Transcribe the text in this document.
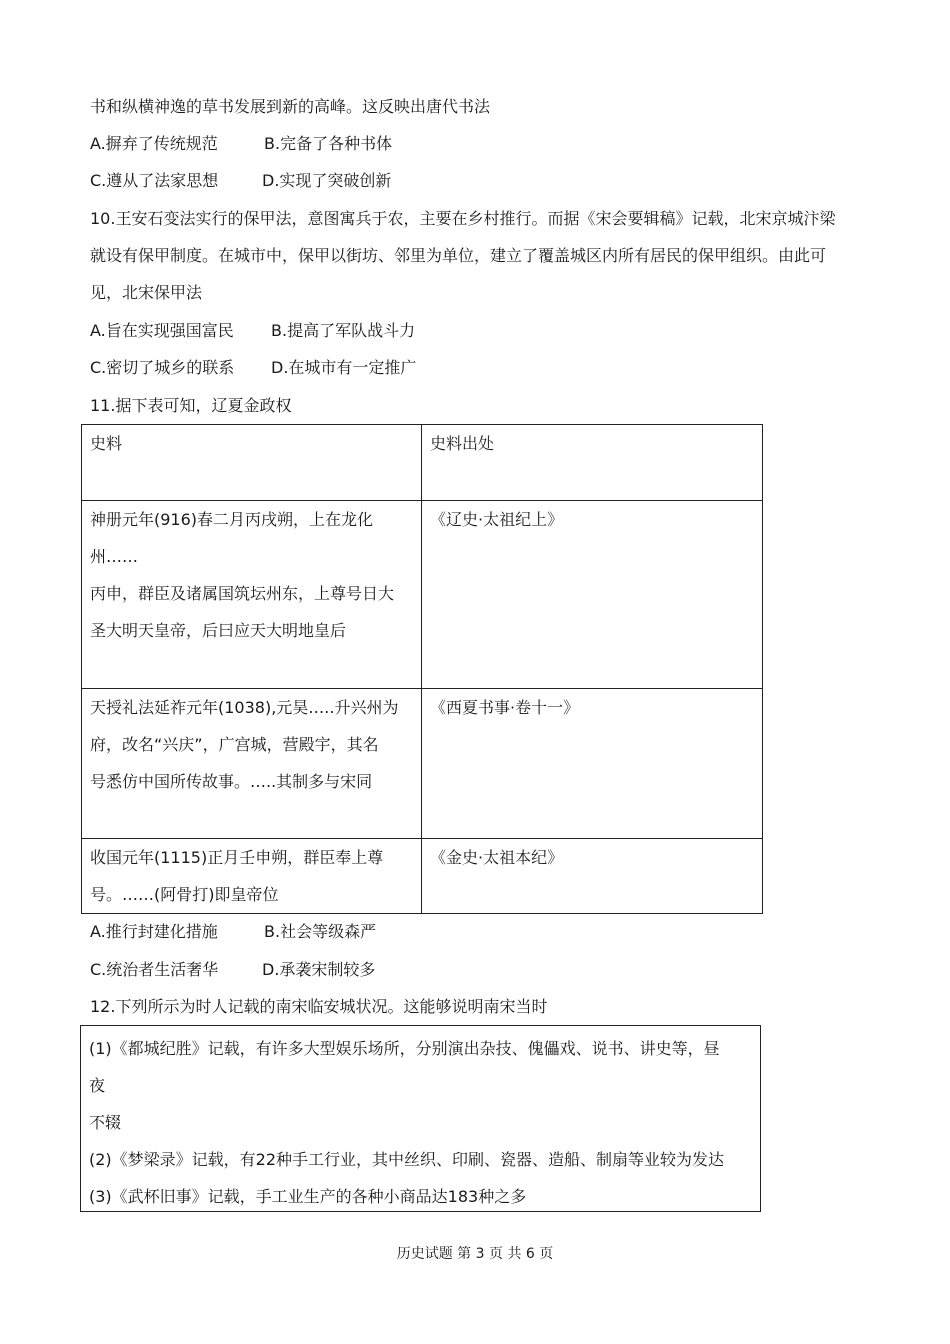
书和纵横神逸的草书发展到新的高峰。这反映出唐代书法
A.摒弃了传统规范	B.完备了各种书体
C.遵从了法家思想	D.实现了突破创新
10.王安石变法实行的保甲法，意图寓兵于农，主要在乡村推行。而据《宋会要辑稿》记载，北宋京城汴梁
就设有保甲制度。在城市中，保甲以街坊、邻里为单位，建立了覆盖城区内所有居民的保甲组织。由此可
见，北宋保甲法
A.旨在实现强国富民 B.提高了军队战斗力
C.密切了城乡的联系 D.在城市有一定推广
11.据下表可知，辽夏金政权
史料	史料出处

神册元年(916)春二月丙戌朔，上在龙化州……
丙申，群臣及诸属国筑坛州东，上尊号日大
圣大明天皇帝，后曰应天大明地皇后	《辽史·太祖纪上》

天授礼法延祚元年(1038),元昊…..升兴州为
府，改名“兴庆”，广宫城，营殿宇，其名
号悉仿中国所传故事。…..其制多与宋同	《西夏书事·卷十一》

收国元年(1115)正月壬申朔，群臣奉上尊
号。……(阿骨打)即皇帝位	《金史·太祖本纪》
A.推行封建化措施	B.社会等级森严
C.统治者生活奢华	D.承袭宋制较多
12.下列所示为时人记载的南宋临安城状况。这能够说明南宋当时
(1)《都城纪胜》记载，有许多大型娱乐场所，分别演出杂技、傀儡戏、说书、讲史等，昼
夜
不辍
(2)《梦梁录》记载，有22种手工行业，其中丝织、印刷、瓷器、造船、制扇等业较为发达
(3)《武杯旧事》记载，手工业生产的各种小商品达183种之多
历史试题 第 3 页 共 6 页
